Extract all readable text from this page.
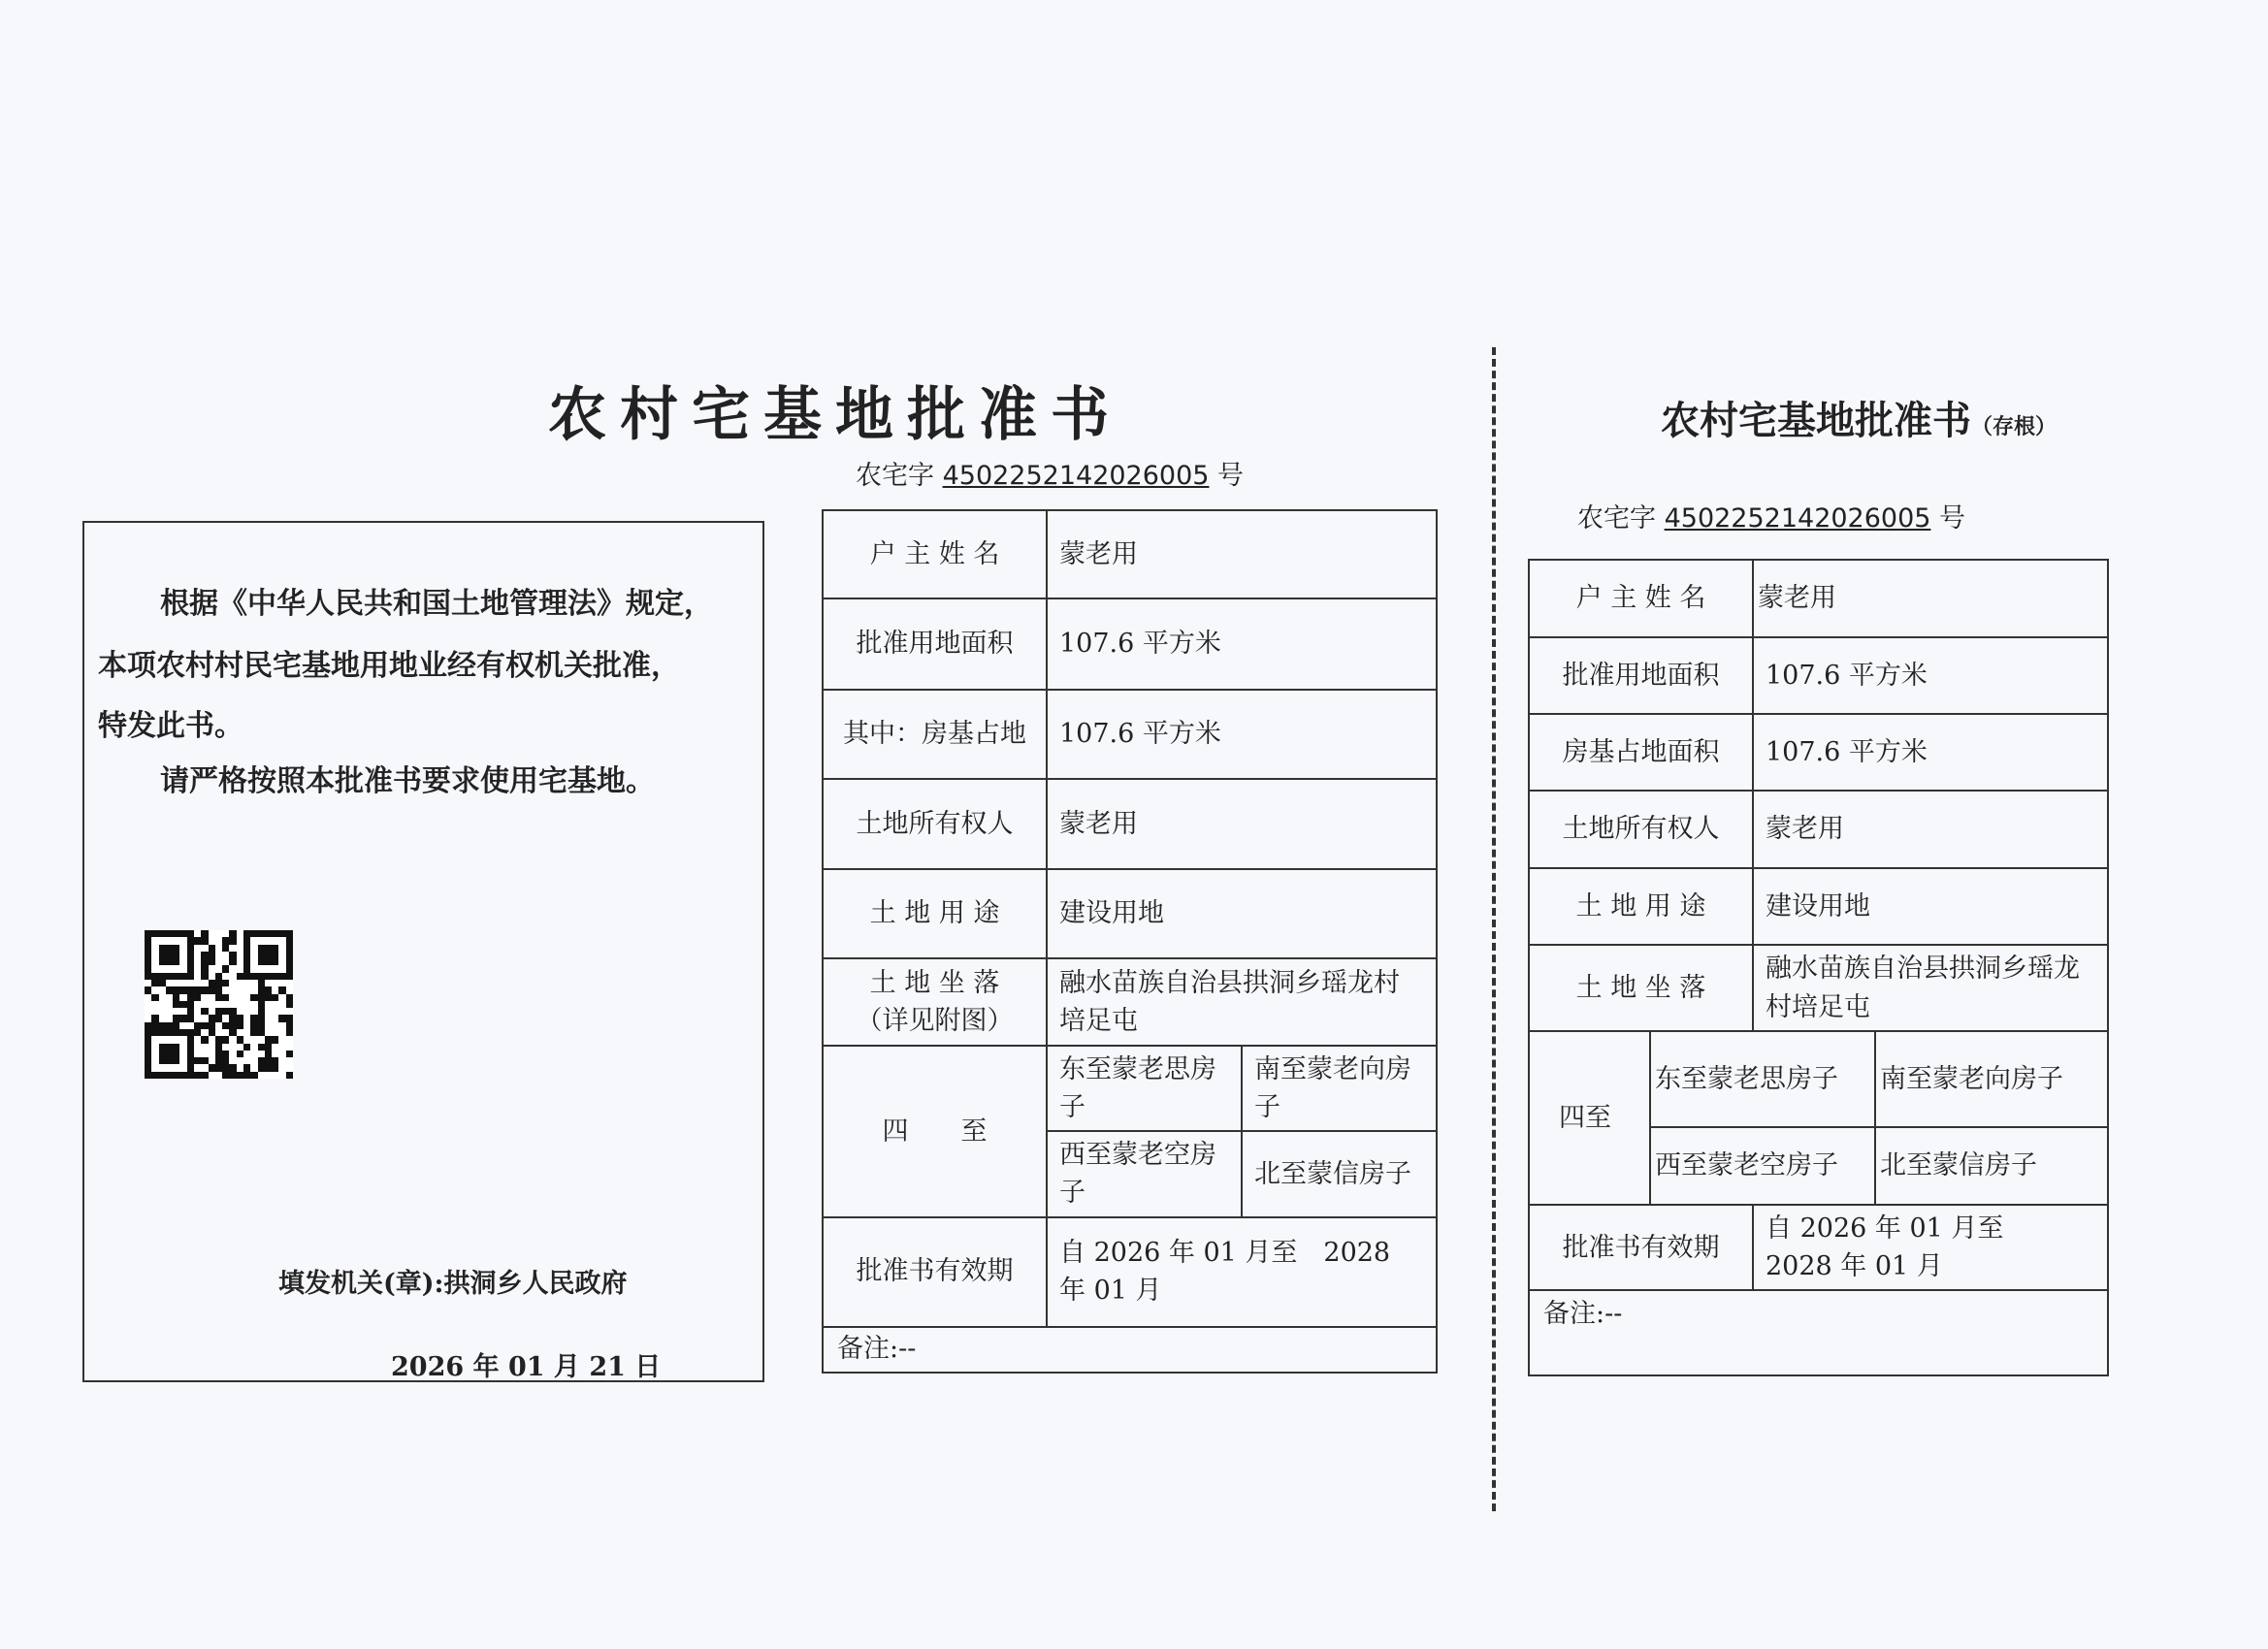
农村宅基地批准书
农宅字 4502252142026005 号
根据《中华人民共和国土地管理法》规定，
本项农村村民宅基地用地业经有权机关批准，
特发此书。
请严格按照本批准书要求使用宅基地。
填发机关(章):拱洞乡人民政府
2026 年 01 月 21 日
户 主 姓 名	蒙老用	
批准用地面积	107.6 平方米	
其中：房基占地	107.6 平方米	
土地所有权人	蒙老用	
土 地 用 途	建设用地	

土 地 坐 落
（详见附图）	融水苗族自治县拱洞乡瑶龙村培足屯	
四　　至	东至蒙老思房子	南至蒙老向房子
	西至蒙老空房子	北至蒙信房子
批准书有效期	自 2026 年 01 月至　2028 年 01 月	
备注:--		
农村宅基地批准书（存根）
农宅字 4502252142026005 号
户 主 姓 名		蒙老用	
批准用地面积		107.6 平方米	
房基占地面积		107.6 平方米	
土地所有权人		蒙老用	
土 地 用 途		建设用地	
土 地 坐 落		融水苗族自治县拱洞乡瑶龙村培足屯	
四至	东至蒙老思房子		南至蒙老向房子
	西至蒙老空房子		北至蒙信房子
批准书有效期		自 2026 年 01 月至　2028 年 01 月	
备注:--			
